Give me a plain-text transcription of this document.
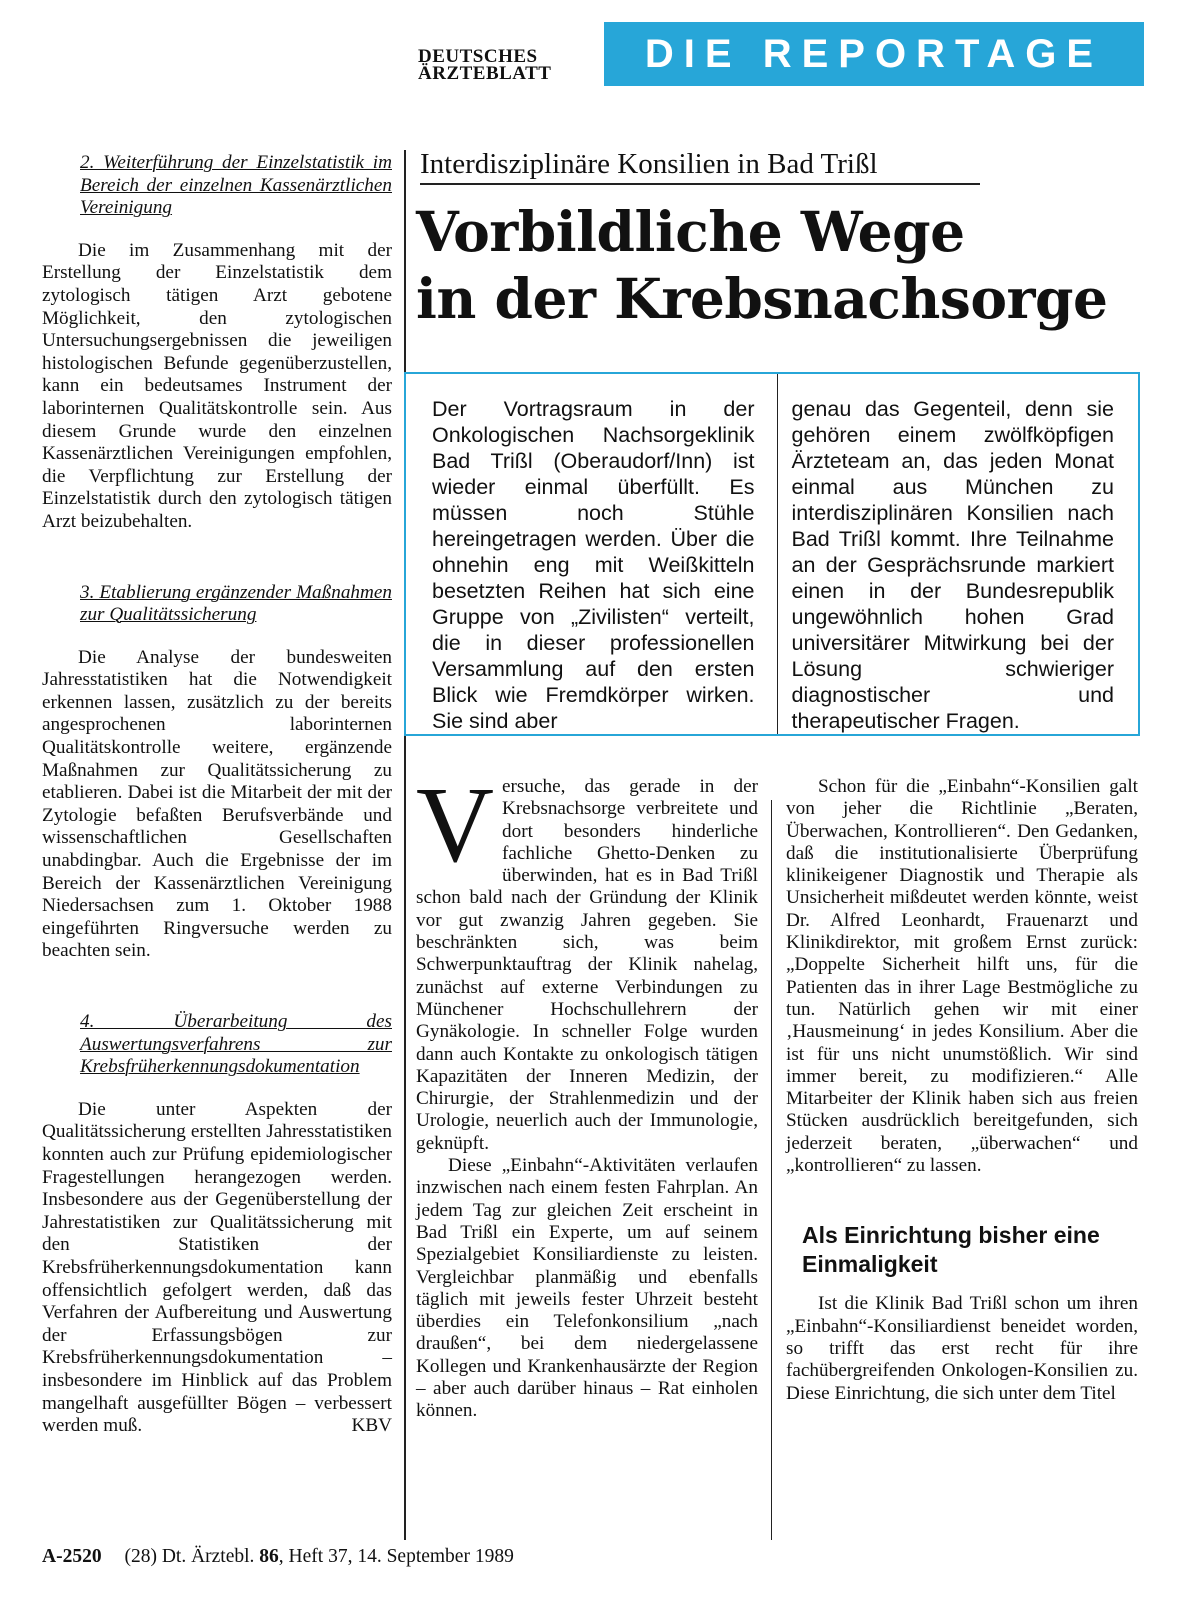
DEUTSCHES
ÄRZTEBLATT	DIE REPORTAGE
2. Weiterführung der Einzelstatistik im Bereich der einzelnen Kassenärztlichen Vereinigung
Die im Zusammenhang mit der Erstellung der Einzelstatistik dem zytologisch tätigen Arzt gebotene Möglichkeit, den zytologischen Untersuchungsergebnissen die jeweiligen histologischen Befunde gegenüberzustellen, kann ein bedeutsames Instrument der laborinternen Qualitätskontrolle sein. Aus diesem Grunde wurde den einzelnen Kassenärztlichen Vereinigungen empfohlen, die Verpflichtung zur Erstellung der Einzelstatistik durch den zytologisch tätigen Arzt beizubehalten.
3. Etablierung ergänzender Maßnahmen zur Qualitätssicherung
Die Analyse der bundesweiten Jahresstatistiken hat die Notwendigkeit erkennen lassen, zusätzlich zu der bereits angesprochenen laborinternen Qualitätskontrolle weitere, ergänzende Maßnahmen zur Qualitätssicherung zu etablieren. Dabei ist die Mitarbeit der mit der Zytologie befaßten Berufsverbände und wissenschaftlichen Gesellschaften unabdingbar. Auch die Ergebnisse der im Bereich der Kassenärztlichen Vereinigung Niedersachsen zum 1. Oktober 1988 eingeführten Ringversuche werden zu beachten sein.
4. Überarbeitung des Auswertungsverfahrens zur Krebsfrüherkennungsdokumentation
Die unter Aspekten der Qualitätssicherung erstellten Jahresstatistiken konnten auch zur Prüfung epidemiologischer Fragestellungen herangezogen werden. Insbesondere aus der Gegenüberstellung der Jahrestatistiken zur Qualitätssicherung mit den Statistiken der Krebsfrüherkennungsdokumentation kann offensichtlich gefolgert werden, daß das Verfahren der Aufbereitung und Auswertung der Erfassungsbögen zur Krebsfrüherkennungsdokumentation – insbesondere im Hinblick auf das Problem mangelhaft ausgefüllter Bögen – verbessert werden muß.	KBV
Interdisziplinäre Konsilien in Bad Trißl
Vorbildliche Wege
in der Krebsnachsorge
Der Vortragsraum in der Onkologischen Nachsorgeklinik Bad Trißl (Oberaudorf/Inn) ist wieder einmal überfüllt. Es müssen noch Stühle hereingetragen werden. Über die ohnehin eng mit Weißkitteln besetzten Reihen hat sich eine Gruppe von „Zivilisten“ verteilt, die in dieser professionellen Versammlung auf den ersten Blick wie Fremdkörper wirken. Sie sind aber
genau das Gegenteil, denn sie gehören einem zwölfköpfigen Ärzteteam an, das jeden Monat einmal aus München zu interdisziplinären Konsilien nach Bad Trißl kommt. Ihre Teilnahme an der Gesprächsrunde markiert einen in der Bundesrepublik ungewöhnlich hohen Grad universitärer Mitwirkung bei der Lösung schwieriger diagnostischer und therapeutischer Fragen.
V ersuche, das gerade in der Krebsnachsorge verbreitete und dort besonders hinderliche fachliche Ghetto-Denken zu überwinden, hat es in Bad Trißl schon bald nach der Gründung der Klinik vor gut zwanzig Jahren gegeben. Sie beschränkten sich, was beim Schwerpunktauftrag der Klinik nahelag, zunächst auf externe Verbindungen zu Münchener Hochschullehrern der Gynäkologie. In schneller Folge wurden dann auch Kontakte zu onkologisch tätigen Kapazitäten der Inneren Medizin, der Chirurgie, der Strahlenmedizin und der Urologie, neuerlich auch der Immunologie, geknüpft.

Diese „Einbahn“-Aktivitäten verlaufen inzwischen nach einem festen Fahrplan. An jedem Tag zur gleichen Zeit erscheint in Bad Trißl ein Experte, um auf seinem Spezialgebiet Konsiliardienste zu leisten. Vergleichbar planmäßig und ebenfalls täglich mit jeweils fester Uhrzeit besteht überdies ein Telefonkonsilium „nach draußen“, bei dem niedergelassene Kollegen und Krankenhausärzte der Region – aber auch darüber hinaus – Rat einholen können.

Schon für die „Einbahn“-Konsilien galt von jeher die Richtlinie „Beraten, Überwachen, Kontrollieren“. Den Gedanken, daß die institutionalisierte Überprüfung klinikeigener Diagnostik und Therapie als Unsicherheit mißdeutet werden könnte, weist Dr. Alfred Leonhardt, Frauenarzt und Klinikdirektor, mit großem Ernst zurück: „Doppelte Sicherheit hilft uns, für die Patienten das in ihrer Lage Bestmögliche zu tun. Natürlich gehen wir mit einer ‚Hausmeinung‘ in jedes Konsilium. Aber die ist für uns nicht unumstößlich. Wir sind immer bereit, zu modifizieren.“ Alle Mitarbeiter der Klinik haben sich aus freien Stücken ausdrücklich bereitgefunden, sich jederzeit beraten, „überwachen“ und „kontrollieren“ zu lassen.

Als Einrichtung bisher eine Einmaligkeit

Ist die Klinik Bad Trißl schon um ihren „Einbahn“-Konsiliardienst beneidet worden, so trifft das erst recht für ihre fachübergreifenden Onkologen-Konsilien zu. Diese Einrichtung, die sich unter dem Titel

A-2520 (28) Dt. Ärztebl. 86, Heft 37, 14. September 1989
